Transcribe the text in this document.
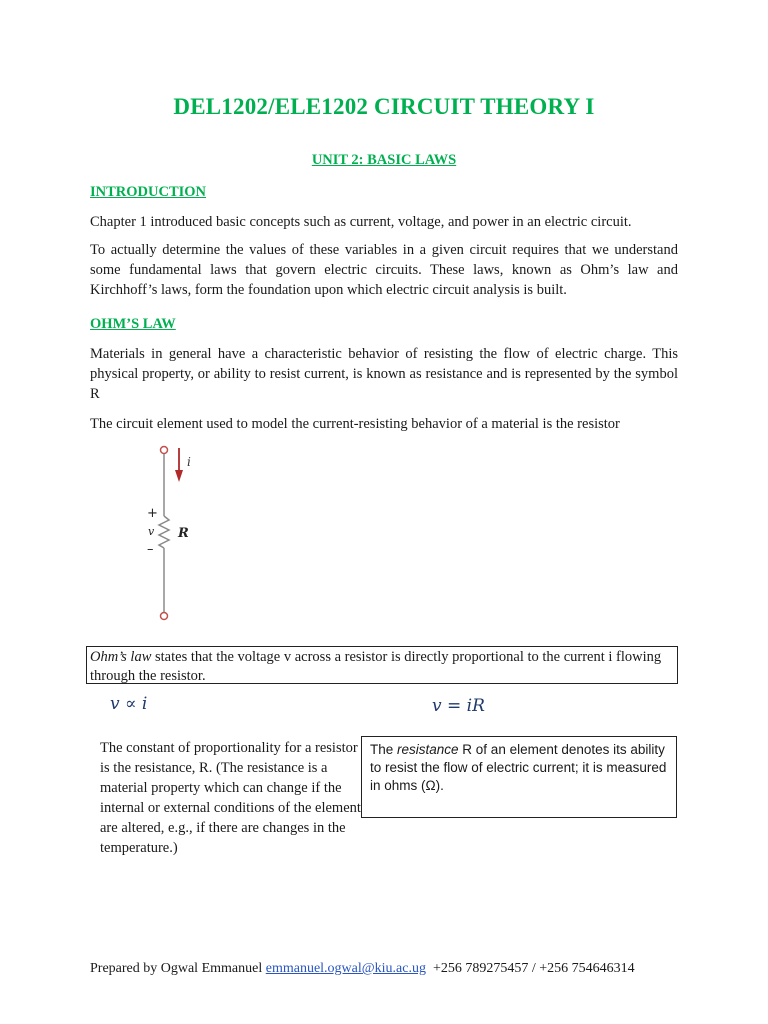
DEL1202/ELE1202 CIRCUIT THEORY I
UNIT 2: BASIC LAWS
INTRODUCTION
Chapter 1 introduced basic concepts such as current, voltage, and power in an electric circuit.
To actually determine the values of these variables in a given circuit requires that we understand some fundamental laws that govern electric circuits. These laws, known as Ohm’s law and Kirchhoff’s laws, form the foundation upon which electric circuit analysis is built.
OHM’S LAW
Materials in general have a characteristic behavior of resisting the flow of electric charge. This physical property, or ability to resist current, is known as resistance and is represented by the symbol R
The circuit element used to model the current-resisting behavior of a material is the resistor
i
+
v
–
R
Ohm’s law states that the voltage v across a resistor is directly proportional to the current i flowing through the resistor.
v ∝ i	v = iR
The constant of proportionality for a resistor is the resistance, R. (The resistance is a material property which can change if the internal or external conditions of the element are altered, e.g., if there are changes in the temperature.)
The resistance R of an element denotes its ability to resist the flow of electric current; it is measured in ohms (Ω).
Prepared by Ogwal Emmanuel emmanuel.ogwal@kiu.ac.ug  +256 789275457 / +256 754646314
